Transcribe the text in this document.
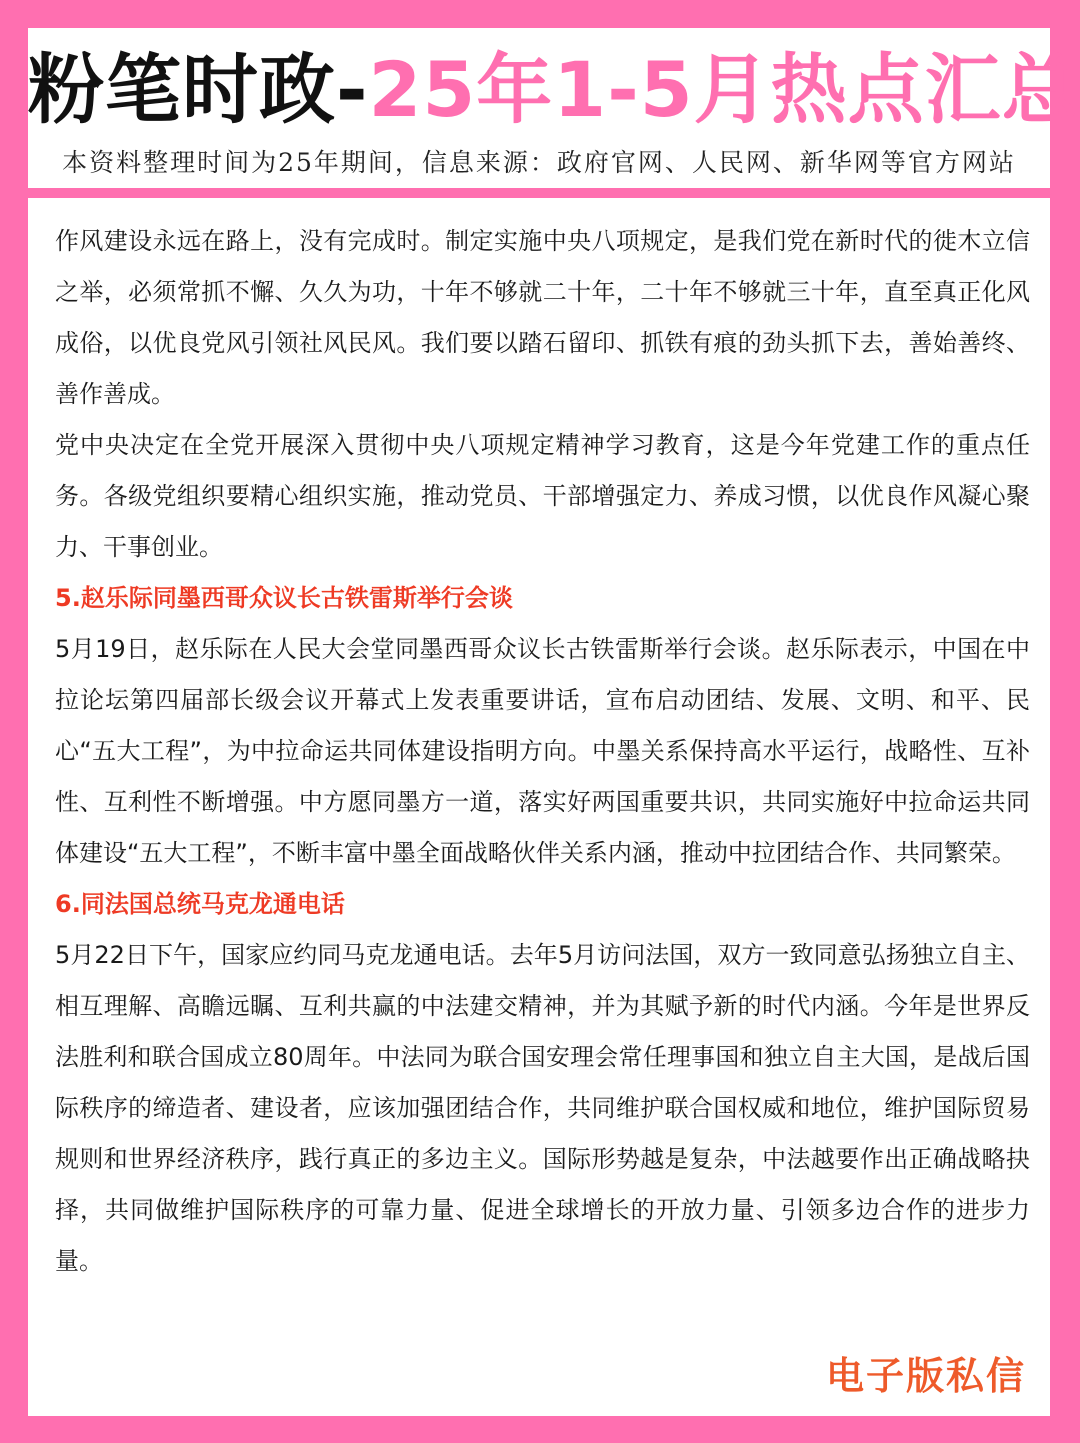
粉笔时政-25年1-5月热点汇总
本资料整理时间为25年期间，信息来源：政府官网、人民网、新华网等官方网站

作风建设永远在路上，没有完成时。制定实施中央八项规定，是我们党在新时代的徙木立信之举，必须常抓不懈、久久为功，十年不够就二十年，二十年不够就三十年，直至真正化风成俗，以优良党风引领社风民风。我们要以踏石留印、抓铁有痕的劲头抓下去，善始善终、善作善成。

党中央决定在全党开展深入贯彻中央八项规定精神学习教育，这是今年党建工作的重点任务。各级党组织要精心组织实施，推动党员、干部增强定力、养成习惯，以优良作风凝心聚力、干事创业。

5.赵乐际同墨西哥众议长古铁雷斯举行会谈

5月19日，赵乐际在人民大会堂同墨西哥众议长古铁雷斯举行会谈。赵乐际表示，中国在中拉论坛第四届部长级会议开幕式上发表重要讲话，宣布启动团结、发展、文明、和平、民心“五大工程”，为中拉命运共同体建设指明方向。中墨关系保持高水平运行，战略性、互补性、互利性不断增强。中方愿同墨方一道，落实好两国重要共识，共同实施好中拉命运共同体建设“五大工程”，不断丰富中墨全面战略伙伴关系内涵，推动中拉团结合作、共同繁荣。

6.同法国总统马克龙通电话

5月22日下午，国家应约同马克龙通电话。去年5月访问法国，双方一致同意弘扬独立自主、相互理解、高瞻远瞩、互利共赢的中法建交精神，并为其赋予新的时代内涵。今年是世界反法胜利和联合国成立80周年。中法同为联合国安理会常任理事国和独立自主大国，是战后国际秩序的缔造者、建设者，应该加强团结合作，共同维护联合国权威和地位，维护国际贸易规则和世界经济秩序，践行真正的多边主义。国际形势越是复杂，中法越要作出正确战略抉择，共同做维护国际秩序的可靠力量、促进全球增长的开放力量、引领多边合作的进步力量。

电子版私信
